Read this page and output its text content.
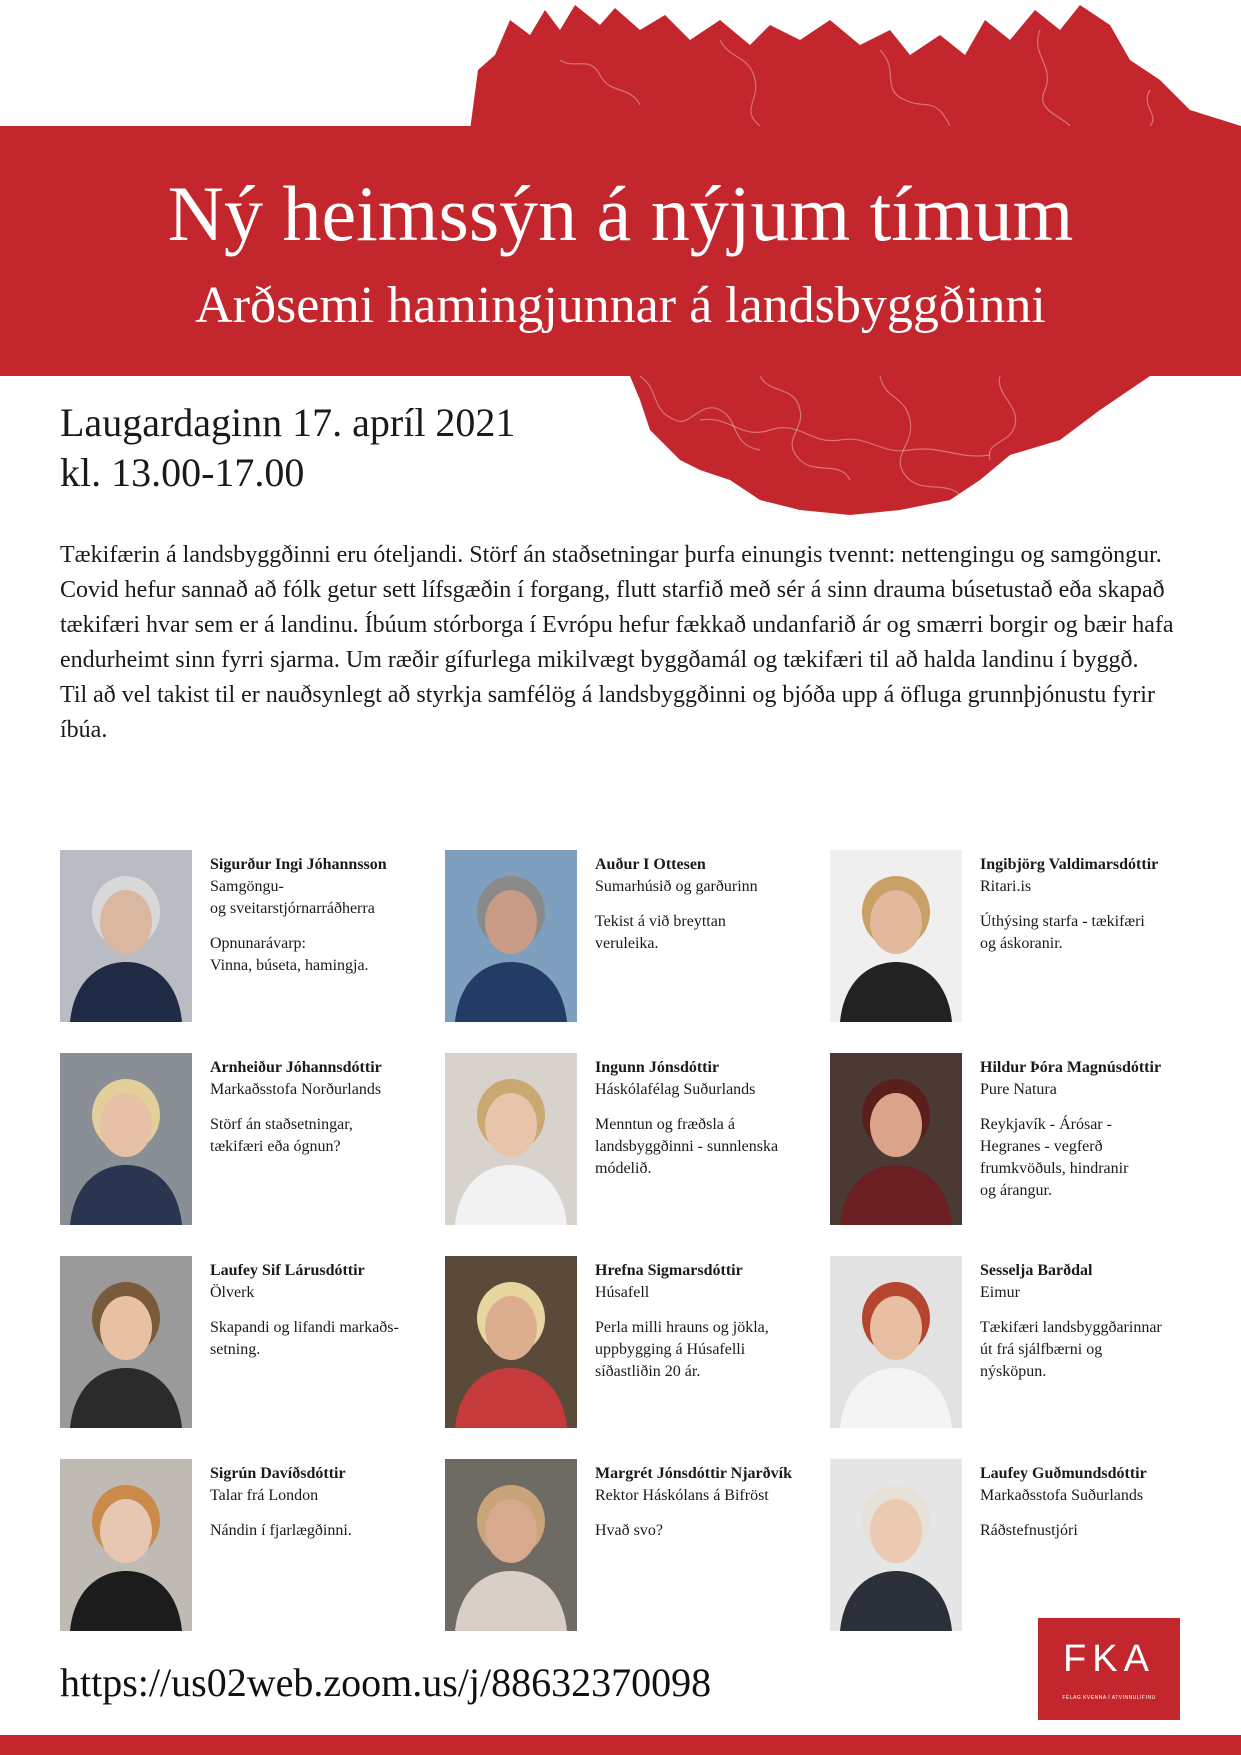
Ný heimssýn á nýjum tímum
Arðsemi hamingjunnar á landsbyggðinni
Laugardaginn 17. apríl 2021
kl. 13.00-17.00

Tækifærin á landsbyggðinni eru óteljandi. Störf án staðsetningar þurfa einungis tvennt: nettengingu og samgöngur. Covid hefur sannað að fólk getur sett lífsgæðin í forgang, flutt starfið með sér á sinn drauma búsetustað eða skapað tækifæri hvar sem er á landinu. Íbúum stórborga í Evrópu hefur fækkað undanfarið ár og smærri borgir og bæir hafa endurheimt sinn fyrri sjarma. Um ræðir gífurlega mikilvægt byggðamál og tækifæri til að halda landinu í byggð.

Til að vel takist til er nauðsynlegt að styrkja samfélög á landsbyggðinni og bjóða upp á öfluga grunnþjónustu fyrir íbúa.

Sigurður Ingi Jóhannsson
Samgöngu-
og sveitarstjórnarráðherra
Opnunarávarp:
Vinna, búseta, hamingja.
Auður I Ottesen
Sumarhúsið og garðurinn
Tekist á við breyttan
veruleika.
Ingibjörg Valdimarsdóttir
Ritari.is
Úthýsing starfa - tækifæri
og áskoranir.
Arnheiður Jóhannsdóttir
Markaðsstofa Norðurlands
Störf án staðsetningar,
tækifæri eða ógnun?
Ingunn Jónsdóttir
Háskólafélag Suðurlands
Menntun og fræðsla á
landsbyggðinni - sunnlenska
módelið.
Hildur Þóra Magnúsdóttir
Pure Natura
Reykjavík - Árósar -
Hegranes - vegferð
frumkvöðuls, hindranir
og árangur.
Laufey Sif Lárusdóttir
Ölverk
Skapandi og lifandi markaðs-
setning.
Hrefna Sigmarsdóttir
Húsafell
Perla milli hrauns og jökla,
uppbygging á Húsafelli
síðastliðin 20 ár.
Sesselja Barðdal
Eimur
Tækifæri landsbyggðarinnar
út frá sjálfbærni og
nýsköpun.
Sigrún Davíðsdóttir
Talar frá London
Nándin í fjarlægðinni.
Margrét Jónsdóttir Njarðvík
Rektor Háskólans á Bifröst
Hvað svo?
Laufey Guðmundsdóttir
Markaðsstofa Suðurlands
Ráðstefnustjóri
https://us02web.zoom.us/j/88632370098
FKA
FÉLAG KVENNA Í ATVINNULÍFINU
